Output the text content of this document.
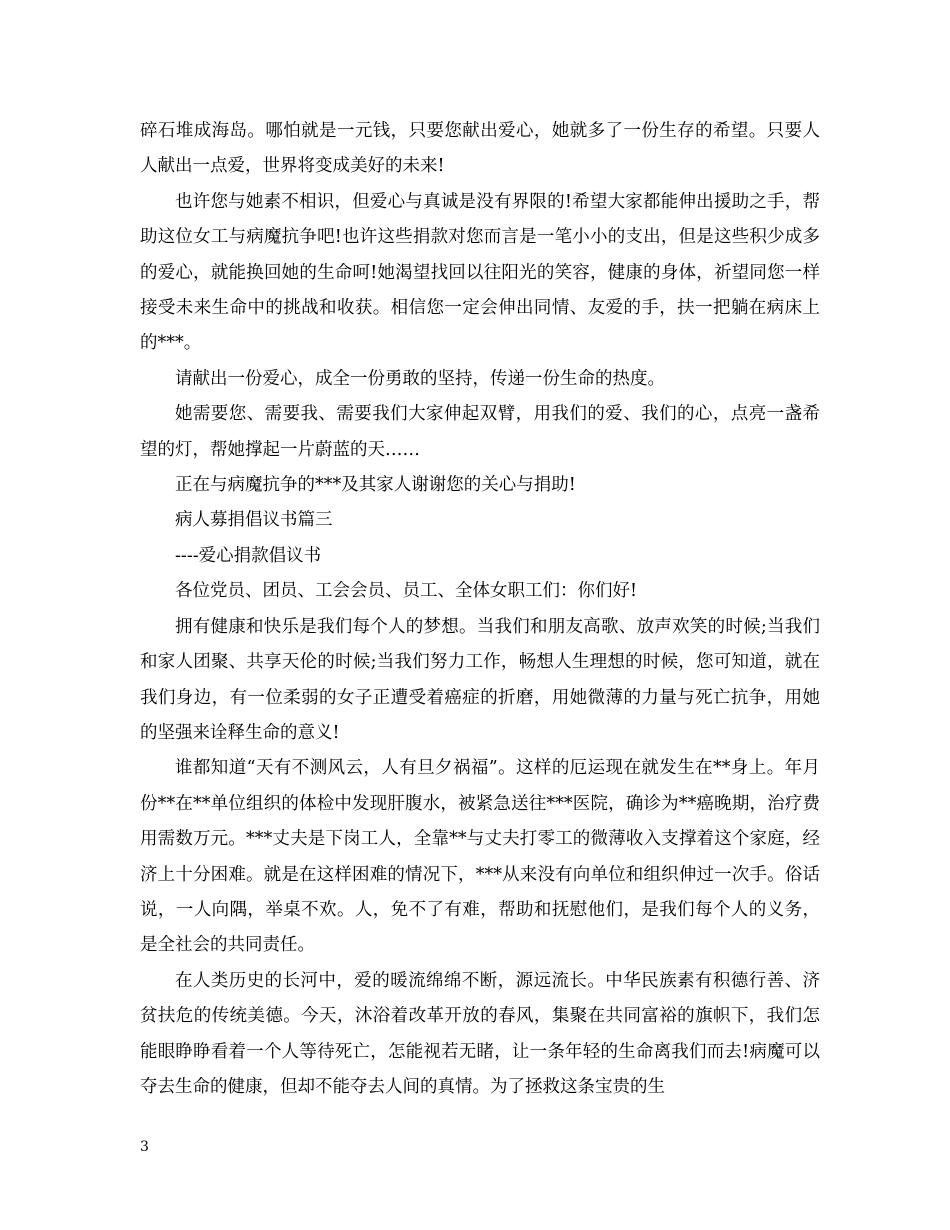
碎石堆成海岛。哪怕就是一元钱，只要您献出爱心，她就多了一份生存的希望。只要人人献出一点爱，世界将变成美好的未来!

也许您与她素不相识，但爱心与真诚是没有界限的!希望大家都能伸出援助之手，帮助这位女工与病魔抗争吧!也许这些捐款对您而言是一笔小小的支出，但是这些积少成多的爱心，就能换回她的生命呵!她渴望找回以往阳光的笑容，健康的身体，祈望同您一样接受未来生命中的挑战和收获。相信您一定会伸出同情、友爱的手，扶一把躺在病床上的***。

请献出一份爱心，成全一份勇敢的坚持，传递一份生命的热度。

她需要您、需要我、需要我们大家伸起双臂，用我们的爱、我们的心，点亮一盏希望的灯，帮她撑起一片蔚蓝的天……

正在与病魔抗争的***及其家人谢谢您的关心与捐助!

病人募捐倡议书篇三

----爱心捐款倡议书

各位党员、团员、工会会员、员工、全体女职工们：你们好!

拥有健康和快乐是我们每个人的梦想。当我们和朋友高歌、放声欢笑的时候;当我们和家人团聚、共享天伦的时候;当我们努力工作，畅想人生理想的时候，您可知道，就在我们身边，有一位柔弱的女子正遭受着癌症的折磨，用她微薄的力量与死亡抗争，用她的坚强来诠释生命的意义!

谁都知道“天有不测风云，人有旦夕祸福”。这样的厄运现在就发生在**身上。年月份**在**单位组织的体检中发现肝腹水，被紧急送往***医院，确诊为**癌晚期，治疗费用需数万元。***丈夫是下岗工人，全靠**与丈夫打零工的微薄收入支撑着这个家庭，经济上十分困难。就是在这样困难的情况下，***从来没有向单位和组织伸过一次手。俗话说，一人向隅，举桌不欢。人，免不了有难，帮助和抚慰他们，是我们每个人的义务，是全社会的共同责任。

在人类历史的长河中，爱的暖流绵绵不断，源远流长。中华民族素有积德行善、济贫扶危的传统美德。今天，沐浴着改革开放的春风，集聚在共同富裕的旗帜下，我们怎能眼睁睁看着一个人等待死亡，怎能视若无睹，让一条年轻的生命离我们而去!病魔可以夺去生命的健康，但却不能夺去人间的真情。为了拯救这条宝贵的生

3
